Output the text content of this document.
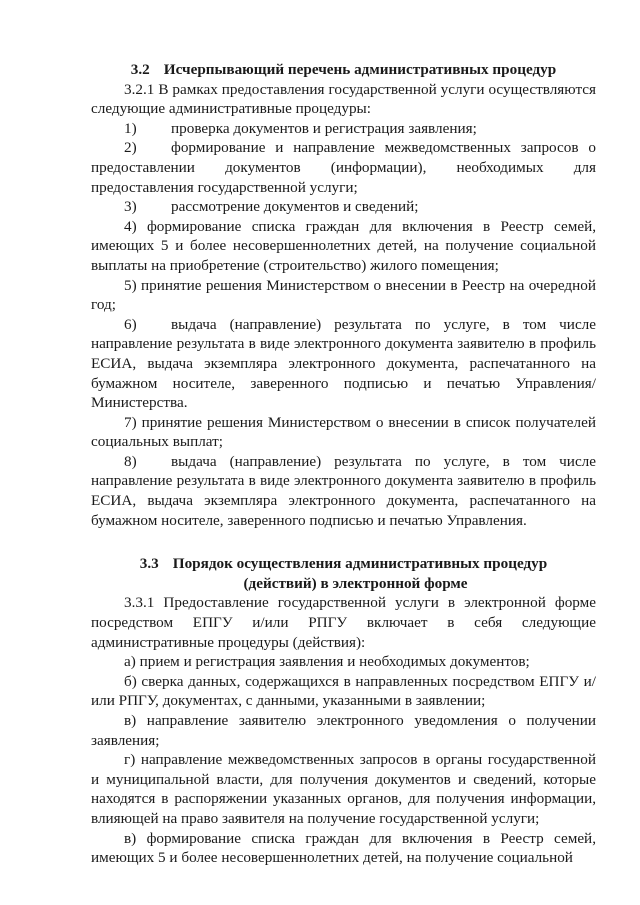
3.2 Исчерпывающий перечень административных процедур

3.2.1 В рамках предоставления государственной услуги осуществляются следующие административные процедуры:

1) проверка документов и регистрация заявления;

2) формирование и направление межведомственных запросов о предоставлении документов (информации), необходимых для предоставления государственной услуги;

3) рассмотрение документов и сведений;

4) формирование списка граждан для включения в Реестр семей, имеющих 5 и более несовершеннолетних детей, на получение социальной выплаты на приобретение (строительство) жилого помещения;

5) принятие решения Министерством о внесении в Реестр на очередной год;

6) выдача (направление) результата по услуге, в том числе направление результата в виде электронного документа заявителю в профиль ЕСИА, выдача экземпляра электронного документа, распечатанного на бумажном носителе, заверенного подписью и печатью Управления/Министерства.

7) принятие решения Министерством о внесении в список получателей социальных выплат;

8) выдача (направление) результата по услуге, в том числе направление результата в виде электронного документа заявителю в профиль ЕСИА, выдача экземпляра электронного документа, распечатанного на бумажном носителе, заверенного подписью и печатью Управления.

3.3 Порядок осуществления административных процедур
(действий) в электронной форме

3.3.1 Предоставление государственной услуги в электронной форме посредством ЕПГУ и/или РПГУ включает в себя следующие административные процедуры (действия):

а) прием и регистрация заявления и необходимых документов;

б) сверка данных, содержащихся в направленных посредством ЕПГУ и/или РПГУ, документах, с данными, указанными в заявлении;

в) направление заявителю электронного уведомления о получении заявления;

г) направление межведомственных запросов в органы государственной и муниципальной власти, для получения документов и сведений, которые находятся в распоряжении указанных органов, для получения информации, влияющей на право заявителя на получение государственной услуги;

в) формирование списка граждан для включения в Реестр семей, имеющих 5 и более несовершеннолетних детей, на получение социальной
